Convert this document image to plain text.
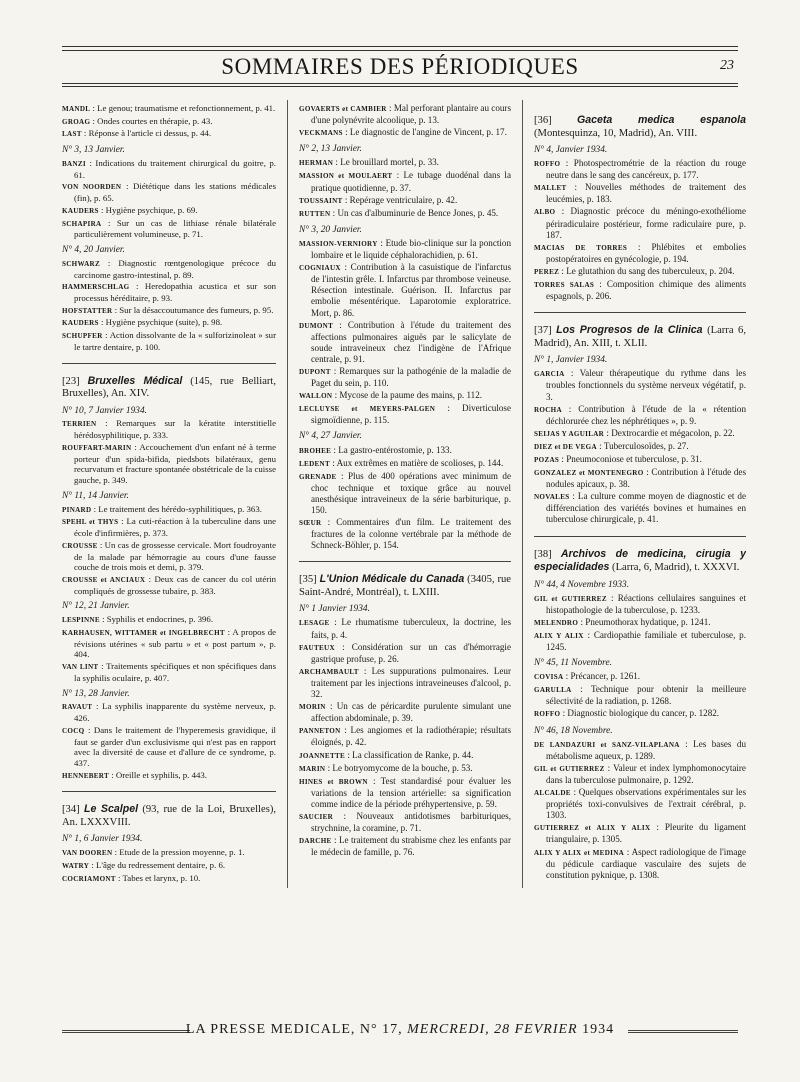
SOMMAIRES DES PÉRIODIQUES	23

MANDL : Le genou; traumatisme et refonctionnement, p. 41.

GROAG : Ondes courtes en thérapie, p. 43.

LAST : Réponse à l'article ci dessus, p. 44.

N° 3, 13 Janvier.

BANZI : Indications du traitement chirurgical du goitre, p. 61.

VON NOORDEN : Diététique dans les stations médicales (fin), p. 65.

KAUDERS : Hygiène psychique, p. 69.

SCHAPIRA : Sur un cas de lithiase rénale bilatérale particulièrement volumineuse, p. 71.

N° 4, 20 Janvier.

SCHWARZ : Diagnostic rœntgenologique précoce du carcinome gastro-intestinal, p. 89.

HAMMERSCHLAG : Heredopathia acustica et sur son processus héréditaire, p. 93.

HOFSTATTER : Sur la désaccoutumance des fumeurs, p. 95.

KAUDERS : Hygiène psychique (suite), p. 98.

SCHUPFER : Action dissolvante de la « sulforizinoleat » sur le tartre dentaire, p. 100.

[23] Bruxelles Médical (145, rue Belliart, Bruxelles), An. XIV.
N° 10, 7 Janvier 1934.

TERRIEN : Remarques sur la kératite interstitielle hérédosyphilitique, p. 333.

ROUFFART-MARIN : Accouchement d'un enfant né à terme porteur d'un spida-bifida, piedsbots bilatéraux, genu recurvatum et fracture spontanée obstétricale de la cuisse gauche, p. 349.

N° 11, 14 Janvier.

PINARD : Le traitement des hérédo-syphilitiques, p. 363.

SPEHL et THYS : La cuti-réaction à la tuberculine dans une école d'infirmières, p. 373.

CROUSSE : Un cas de grossesse cervicale. Mort foudroyante de la malade par hémorragie au cours d'une fausse couche de trois mois et demi, p. 379.

CROUSSE et ANCIAUX : Deux cas de cancer du col utérin compliqués de grossesse tubaire, p. 383.

N° 12, 21 Janvier.

LESPINNE : Syphilis et endocrines, p. 396.

KARHAUSEN, WITTAMER et INGELBRECHT : A propos de révisions utérines « sub partu » et « post partum », p. 404.

VAN LINT : Traitements spécifiques et non spécifiques dans la syphilis oculaire, p. 407.

N° 13, 28 Janvier.

RAVAUT : La syphilis inapparente du système nerveux, p. 426.

COCQ : Dans le traitement de l'hyperemesis gravidique, il faut se garder d'un exclusivisme qui n'est pas en rapport avec la diversité de cause et d'allure de ce syndrome, p. 437.

HENNEBERT : Oreille et syphilis, p. 443.

[34] Le Scalpel (93, rue de la Loi, Bruxelles), An. LXXXVIII.
N° 1, 6 Janvier 1934.

VAN DOOREN : Etude de la pression moyenne, p. 1.

WATRY : L'âge du redressement dentaire, p. 6.

COCRIAMONT : Tabes et larynx, p. 10.

GOVAERTS et CAMBIER : Mal perforant plantaire au cours d'une polynévrite alcoolique, p. 13.

VECKMANS : Le diagnostic de l'angine de Vincent, p. 17.

N° 2, 13 Janvier.

HERMAN : Le brouillard mortel, p. 33.

MASSION et MOULAERT : Le tubage duodénal dans la pratique quotidienne, p. 37.

TOUSSAINT : Repérage ventriculaire, p. 42.

RUTTEN : Un cas d'albuminurie de Bence Jones, p. 45.

N° 3, 20 Janvier.

MASSION-VERNIORY : Etude bio-clinique sur la ponction lombaire et le liquide céphalorachidien, p. 61.

COGNIAUX : Contribution à la casuistique de l'infarctus de l'intestin grêle. I. Infarctus par thrombose veineuse. Résection intestinale. Guérison. II. Infarctus par embolie mésentérique. Laparotomie exploratrice. Mort, p. 86.

DUMONT : Contribution à l'étude du traitement des affections pulmonaires aiguës par le salicylate de soude intraveineux chez l'indigène de l'Afrique centrale, p. 91.

DUPONT : Remarques sur la pathogénie de la maladie de Paget du sein, p. 110.

WALLON : Mycose de la paume des mains, p. 112.

LECLUYSE et MEYERS-PALGEN : Diverticulose sigmoïdienne, p. 115.

N° 4, 27 Janvier.

BROHEE : La gastro-entérostomie, p. 133.

LEDENT : Aux extrêmes en matière de scolioses, p. 144.

GRENADE : Plus de 400 opérations avec minimum de choc technique et toxique grâce au nouvel anesthésique intraveineux de la série barbiturique, p. 150.

SŒUR : Commentaires d'un film. Le traitement des fractures de la colonne vertébrale par la méthode de Schneck-Böhler, p. 154.

[35] L'Union Médicale du Canada (3405, rue Saint-André, Montréal), t. LXIII.
N° 1 Janvier 1934.

LESAGE : Le rhumatisme tuberculeux, la doctrine, les faits, p. 4.

FAUTEUX : Considération sur un cas d'hémorragie gastrique profuse, p. 26.

ARCHAMBAULT : Les suppurations pulmonaires. Leur traitement par les injections intraveineuses d'alcool, p. 32.

MORIN : Un cas de péricardite purulente simulant une affection abdominale, p. 39.

PANNETON : Les angiomes et la radiothérapie; résultats éloignés, p. 42.

JOANNETTE : La classification de Ranke, p. 44.

MARIN : Le botryomycome de la bouche, p. 53.

HINES et BROWN : Test standardisé pour évaluer les variations de la tension artérielle: sa signification comme indice de la période préhypertensive, p. 59.

SAUCIER : Nouveaux antidotismes barbituriques, strychnine, la coramine, p. 71.

DARCHE : Le traitement du strabisme chez les enfants par le médecin de famille, p. 76.

[36] Gaceta medica espanola (Montesquinza, 10, Madrid), An. VIII.
N° 4, Janvier 1934.

ROFFO : Photospectrométrie de la réaction du rouge neutre dans le sang des cancéreux, p. 177.

MALLET : Nouvelles méthodes de traitement des leucémies, p. 183.

ALBO : Diagnostic précoce du méningo-exothéliome périradiculaire postérieur, forme radiculaire pure, p. 187.

MACIAS DE TORRES : Phlébites et embolies postopératoires en gynécologie, p. 194.

PEREZ : Le glutathion du sang des tuberculeux, p. 204.

TORRES SALAS : Composition chimique des aliments espagnols, p. 206.

[37] Los Progresos de la Clinica (Larra 6, Madrid), An. XIII, t. XLII.
N° 1, Janvier 1934.

GARCIA : Valeur thérapeutique du rythme dans les troubles fonctionnels du système nerveux végétatif, p. 3.

ROCHA : Contribution à l'étude de la « rétention déchlorurée chez les néphrétiques », p. 9.

SEIJAS Y AGUILAR : Dextrocardie et mégacolon, p. 22.

DIEZ et DE VEGA : Tuberculosoïdes, p. 27.

POZAS : Pneumoconiose et tuberculose, p. 31.

GONZALEZ et MONTENEGRO : Contribution à l'étude des nodules apicaux, p. 38.

NOVALES : La culture comme moyen de diagnostic et de différenciation des variétés bovines et humaines en tuberculose chirurgicale, p. 41.

[38] Archivos de medicina, cirugia y especialidades (Larra, 6, Madrid), t. XXXVI.
N° 44, 4 Novembre 1933.

GIL et GUTIERREZ : Réactions cellulaires sanguines et histopathologie de la tuberculose, p. 1233.

MELENDRO : Pneumothorax hydatique, p. 1241.

ALIX Y ALIX : Cardiopathie familiale et tuberculose, p. 1245.

N° 45, 11 Novembre.

COVISA : Précancer, p. 1261.

GARULLA : Technique pour obtenir la meilleure sélectivité de la radiation, p. 1268.

ROFFO : Diagnostic biologique du cancer, p. 1282.

N° 46, 18 Novembre.

DE LANDAZURI et SANZ-VILAPLANA : Les bases du métabolisme aqueux, p. 1289.

GIL et GUTIERREZ : Valeur et index lymphomonocytaire dans la tuberculose pulmonaire, p. 1292.

ALCALDE : Quelques observations expérimentales sur les propriétés toxi-convulsives de l'extrait cérébral, p. 1303.

GUTIERREZ et ALIX Y ALIX : Pleurite du ligament triangulaire, p. 1305.

ALIX Y ALIX et MEDINA : Aspect radiologique de l'image du pédicule cardiaque vasculaire des sujets de constitution pyknique, p. 1308.

LA PRESSE MEDICALE, N° 17, MERCREDI, 28 FEVRIER 1934
